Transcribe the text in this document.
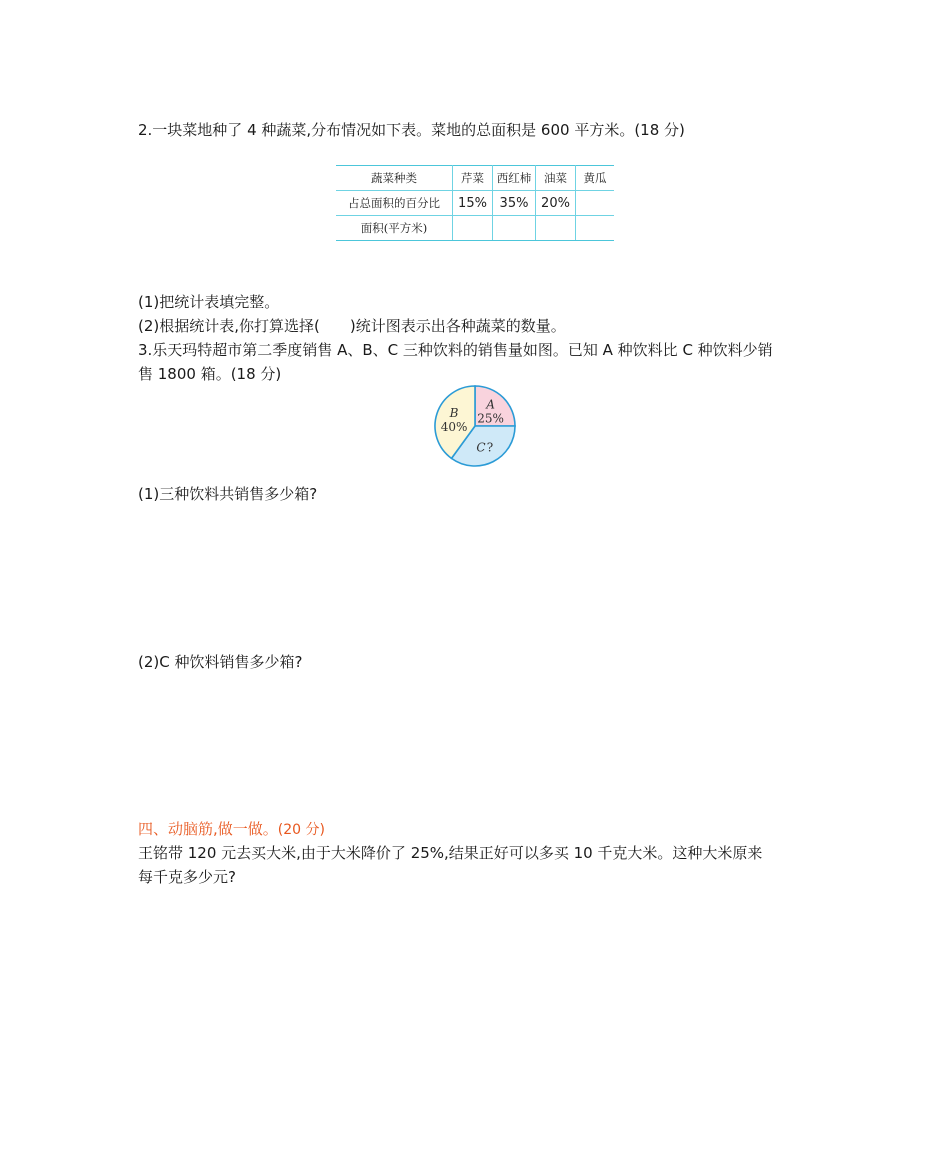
2.一块菜地种了 4 种蔬菜,分布情况如下表。菜地的总面积是 600 平方米。(18 分)
蔬菜种类	芹菜	西红柿	油菜	黄瓜
占总面积的百分比	15%	35%	20%	
面积(平方米)				
(1)把统计表填完整。
(2)根据统计表,你打算选择(　　)统计图表示出各种蔬菜的数量。
3.乐天玛特超市第二季度销售 A、B、C 三种饮料的销售量如图。已知 A 种饮料比 C 种饮料少销
售 1800 箱。(18 分)
A
25%
B
40%
C ?
(1)三种饮料共销售多少箱?
(2)C 种饮料销售多少箱?
四、动脑筋,做一做。(20 分)
王铭带 120 元去买大米,由于大米降价了 25%,结果正好可以多买 10 千克大米。这种大米原来
每千克多少元?
